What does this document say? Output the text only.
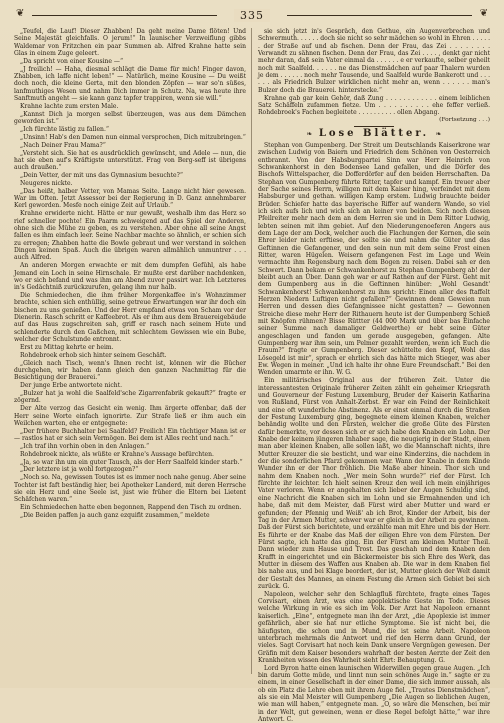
❦	335	❦

„Teufel, die Lauf! Dieser Zhabben! Da geht meine Dame flöten! Und Seine Majestät gleichfalls. O jerum!“ In launischer Verzweiflung gibbs Waldemar von Fritzchen ein paar Summen ab. Alfred Krahne hatte sein Glas in einem Zuge geleert.

„Da spricht von einer Kousine —“

„J freilich! — Haha, diesmal schlägt die Dame für mich! Finger davon, Zhabben, ich laffe nicht leben!“ — Natürlich, meine Kousine — Du weißt doch noch, die kleine Gerta, mit den blonden Zöpfen — war so'n süßes, lanfmuthiges Wesen und nahm Dich immer in Schutz. Na, was heute ihre Sanftmuth angeht — sie kann ganz tapfer trappiren, wenn sie will.“

Krahne lachte zum ersten Male.

„Kannst Dich ja morgen selbst überzeugen, was aus dem Dämchen geworden ist.“

„Ich fürchte lästig zu fallen.“

„Unsinn! Hab's den Damen nun einmal versprochen, Dich mitzubringen.“

„Nach Deiner Frau Mama?“

„Versteht sich. Sie hat es ausdrücklich gewünscht, und Adele — nun, die hat sie eben auf's Kräftigste unterstützt. Frag von Berg-seff ist übrigens auch draußen.“

„Dein Vetter, der mit uns das Gymnasium besuchte?“

Neugeres nickte.

„Das heißt, halber Vetter, von Mamas Seite. Lange nicht hier gewesen. War im Often. Jetzt Assessor bei der Regierung in D. Ganz annehmbarer Kerl geworden. Mesfe noch einige Zeit auf Urlaub.“

Krahne erwiderte nicht. Hätte er nur gewußt, weshalb ihm das Herz so rief schneller pochte! Ein Paarm schweigend auf das Spiel der Anderen, ohne sich die Mühe zu geben, es zu verstehen. Aber ohne all seine Angst fallen es ihm einfach leer. Seine Nachbar machte so ähnlich, er schien sich zu erregen; Zhabben hatte die Bowle gebraut und wer verstand in solchen Dingen keinen Spaß. Auch die übrigen waren allmählich unmuntrer . . . auch Alfred.

An anderen Morgen erwachte er mit dem dumpfen Gefühl, als habe Jemand ein Loch in seine Hirnschale. Er mußte erst darüber nachdenken, wo er sich befand und was ihm am Abend zuvor passirt war. Ich Letzteres in's Gedächtniß zurückzurufen, gelang ihm nur halb.

Die Schmiedechen, die ihm früher Morgenkaffee in's Wohnzimmer brachte, schien sich enthüllig, seine getreue Erwartungen war ihr doch ein bischen zu uns genießen. Und der Herr empfand etwas von Scham vor der Dienerin. Rasch schritt er Kaffeebrot. Als er ihm aus dem Brauereigebäude auf das Haus zugschreiten sah, griff er rasch nach seinem Hute und schlenderte durch den Gaßchen, mit schlechtem Gewissen wie ein Bube, welcher der Schulstunde entronnt.

Erst zu Mittag kehrte er heim.

Rohdebroek erhob sich hinter seinem Geschäft.

„Gleich nach Tisch, wenn's Ihnen recht ist, können wir die Bücher durchgehen, wir haben dann gleich den ganzen Nachmittag für die Besichtigung der Brauerei.“

Der junge Erbe antwortete nicht.

„Bulzer hat ja wohl die Saalfeld'sche Zigarrenfabrik gekauft?“ fragte er zögernd.

Der Alte verzog das Gesicht ein wenig. Ihm ärgerte offenbar, daß der Herr seine Worte einfach ignorirte. Zur Strafe ließ er ihm auch ein Weilchen warten, ehe er entgegnete:

„Der frühere Buchhalter bei Saalfeld? Freilich! Ein tüchtiger Mann ist er — rastlos hat er sich sein Vermögen. Bei dem ist Alles recht und nach.“

„Ich traf ihn vorhin oben in den Anlagen.“

Rohdebroek nickte, als wüßte er Krahne's Aussage befürchten.

„Ja, so war ihn um ein guter Tausch, als der Herr Saalfeld kinder starb.“

„Der letztere ist ja wohl fortgezogen?“

„Noch so. Na, gewissen Toutes ist es immer noch nahe genug. Aber seine Tochter ist faft beständig hier, bei Apotheker Landerd, mit deren Herrsche sie ein Herz und eine Seele ist, just wie früher die Eltern bei Lietent Schäfchen waren.“

Ein Schmiedechen hatte eben begonnen, Rappend den Tisch zu ordnen.

„Die Beiden paffen ja auch ganz ezquifit zusammen,“ meldete

sie sich jetzt in's Gespräch, den Gethue, ein Augenverbrechen und Schwermuth. . . . . . doch sie nicht so sehr mädchen so wohl in Ehren . . . . . . der Straße auf und ab fischen. Denn der Frau, das Zei . . . . . . . . Verwandt zu sähnen fischen. Denn der Frau, das Zei . . . . , denkt gar nicht mehr daran, daß sein Vater einmal da . . . . . . e er verkaufte, selber geheilt noch mit Saalfeld. . . . . . ne das Dienstmädchen auf paar Thalern wurden je dem . . . . . . noch mehr Tausende, und Saalfeld wurde Bankerott und . . . . . . als Friedrich Bulzer wirklichen nicht mehr an, wenn . . . . . . man's Bulzer doch die Brauerei. hinterstecke.“

Krahne gab gar kein Gehör, daß Zung . . . . . . . . . . . . einem leiblichen Satz Schäffeln zufammen fietze. Um . . . . . . . . . . ehe feffer verließ. Rohdebroek's Fachen begleitete . . . . . . . . . . ollen Abgang.

(Fortsetzung . . .)

❧ Lose Blätter. ❧

Stephan von Gumpenberg. Der Streit um Deutschlands Kaiserkrone war zwischen Ludwig von Baiern und Friedrich dem Schönen von Oesterreich entbrannt. Von der Habsburgpartei Sinn war Herr Heinrich von Schwankenhorst in den Bodensee Land gefallen, und die Dörfer des Bischofs Wittelspacher, die Dofferdörfer auf den beiden Herrschaften. Da Stephan von Gumpenberg führte Ritter, tapfer und kampf. Ein treuer aber der Sache seines Herrn, willigen mit dem Kaiser hing, verfeindet mit dem Habsburger und gethan. willigen Kamp erstem. Ludwig brauchte beider Brüder. Schiefer hatte das bayerische Riffer auf wandern Wande, so viel ich sich aufs lich und wich sich an keiner von beiden. Sich noch diesen Pfeilreiter mehr nach dem an dem Herren sie und in Dem Ritter Ludwig, lebten seinen mit ihm gebiet. Auf den Niederungenoeferen Angers aus dem Lage der am Dock, welcher auch die Flachungen der Kernen, die sein Ehrer leider nicht erftiese, der sollte sie und nahm die Güter und das Geftinnen die Gefangener, und den sein nun mit dem seine Frost einen Ritter, waren Hügelen. Weisern gefangenen Fest im Lage und Wein vermachte ihm Regensburg nach dem Bogen zu reisen. Dabei sah er den Schwert. Dann bekam er Schwankenhorst zu Stephan Gumpenberg ab! der bleibt auch an Über. Dann geh war er auf Rathen auf der Fürst. Geht mit dem Gumpenberg aus in die Geftinnen hinüber: „Wohl Gesandt' Schwankenhorst! Schwankenhorst zu ihm spricht: Einen aller des ftaffelt Herzen Niedern Luftigen nicht gefallen?“ Gewinnen denn Geweien nun Herren und dessen dies Gefangnissee nicht gestatten? — Gewonnen Streiche diese mehr Herr der Rithauern heute ist der Gumpenberg Schieß mit Knöpfen rühmen? Bisse Rüttter (44 000 Mark und über bas Einfache seiner Summe nach damaliger Geldwerthe) er hebt seine Güter angeschlagen und fanden um gerade ausgegeben, gefangen. Alte Gumpenberg war ihm sein, um Pelmer gezahlt werden, wenn ich Euch die Fraum?“ fragte er Gumpenberg. Dieser schüttelte den Kopf, Wohl das Lösegeld ist mir“, sprach er ehrlich sich das hätte mich Stieger, was aber Ew. Wegen in meiner. „Und ich halte ihr ohne Eure Freundschaft.“ Bei den Wenden umarmte er ihn. W. G.

Ein militärisches Original aus der früheren Zeit. Unter die interessantesten Originale früherer Zeiten zählt ein geheimer Kriegsrath und Gouverneur der Festung Luxemburg, Bruder der Kaiserin Katharina von Rußland, Fürst von Anhalt-Zerbst. Er war ein Feind der Reinlichkeit und eine oft wunderliche Abstinenz. Als er einst einmal durch die Straßen der Festung Luxemburg ging, begegnete einem kleinen Knaben, welcher behändig wollte und den Fürsten, welcher die große Güte des Fürsten dafür bemerkte, vor dessen sich er er sich habe den Knaben ein Lohn. Der Knabe der keinem jüngeren Inhaber sage, die neugierig in der Stadt, einen man aber kleinen Knaben, alle sollen laßt, wo die Mannschaft nichts, ihre Mutter Kreuzer die sie besticht, und war eine Kinderzins, die nachdem in der die sonderlichen Pfarzl gekommen war. Wann der Knabe in dem Kinde Wunder ihn er der Thor fröhlich. Die Maße aber hinein. Thor sich und nahm dem Knaben noch. „Wer mein Sohn wurde?“ rief der Fürst. Ich fürchte ihr leichter. Ich hielt seinen Kreuz den weil ich mein einjähriges Vater verloren. Wenn er angehalten sich lieber der Augen Schuldig sind, eine Nachricht die Knaben sich im Lohn und sie Ermahnenden und ich habe, daß mit dem Meister, daß Fürst wird aber Mutter und ward er gefunden; der Pfennig und Weiß' ab ich Brot, Kinder der Arbeit, bis der Tag in der Armen Mutter, schwer war er gleich in der Arbeit zu gewinnen. Daß der Fürst sich berichtete, und erzählte man mit Ehre und bis der Herr. Es führte er der Knabe das Maß der eiligen Ehre von dem Fürsten. Der Fürst sagte, ich hatte das ging. Ein der Fürst am kleinen Mutter Theil. Dann wieder zum Hause und Trost. Das geschah und dem Knaben den Krafft in eingerichtet und ein Bäckermeister bis sich Ehre des Werk, das Mutter in diesem des Waffen aus Knaben ab. Die war in dem Knaben fiel bis nahe aus, und bei Klage beordert, der ist, Mutter gleich der Welt damit der Gestalt des Mannes, an einem Festung die Armen sich Gebiet bei sich zurück. G.

Napoleon, welcher sehr den Schlagfluß fürchtete, fragte eines Tages Corvisart, einen Arzt, was eine apoplektische Geste im Tode. Dieses welche Wirkung in wie es sich im Volk. Der Arzt hat Napoleon ernannt kaiserlich. „Eine“, entgegnete man ihn der Arzt, „die Apoplexie ist immer gefährlich, aber sie hat nur etliche Symptome. Sie ist nicht bei, die häufigsten, die schon und in Mund, die ist seine Arbeit. Napoleon unterbrach mehrmals die Antwort und rief den Herrn dann Grund, der vieles. Sagt Corvisart hat noch kein Dank unsere Vergnügen gewesen. Der Gräfin mit dem Kaiser besonders wahrhaft der besten Aerzte der Zeit den Krankheiten wissen des Wahrheit sieht Ehrt: Behauptung. G.

Lord Byron hatte einen launischen Widerwillen gegen graue Augen. „Ich bin darum Gotte müde, und linnt nun sein schönes Auge in.“ sagte er zu einem, in einer Gesellschaft in der einer Dame, die sich immer aussah, als ob ein Platz die Lehre eben mit ihrem Auge fiel. „Trautes Dienstmädchen“, als sie ein Mal Meister will Gumpenberg „Die Augen so lieblichen Augen, wie man will haben,“ entgegnete man. „O, so wäre die Menschen, bei mir in der Welt, gut geweinen, wenn er diese Regel befolgt hätte,“ war ihre Antwort. C.
